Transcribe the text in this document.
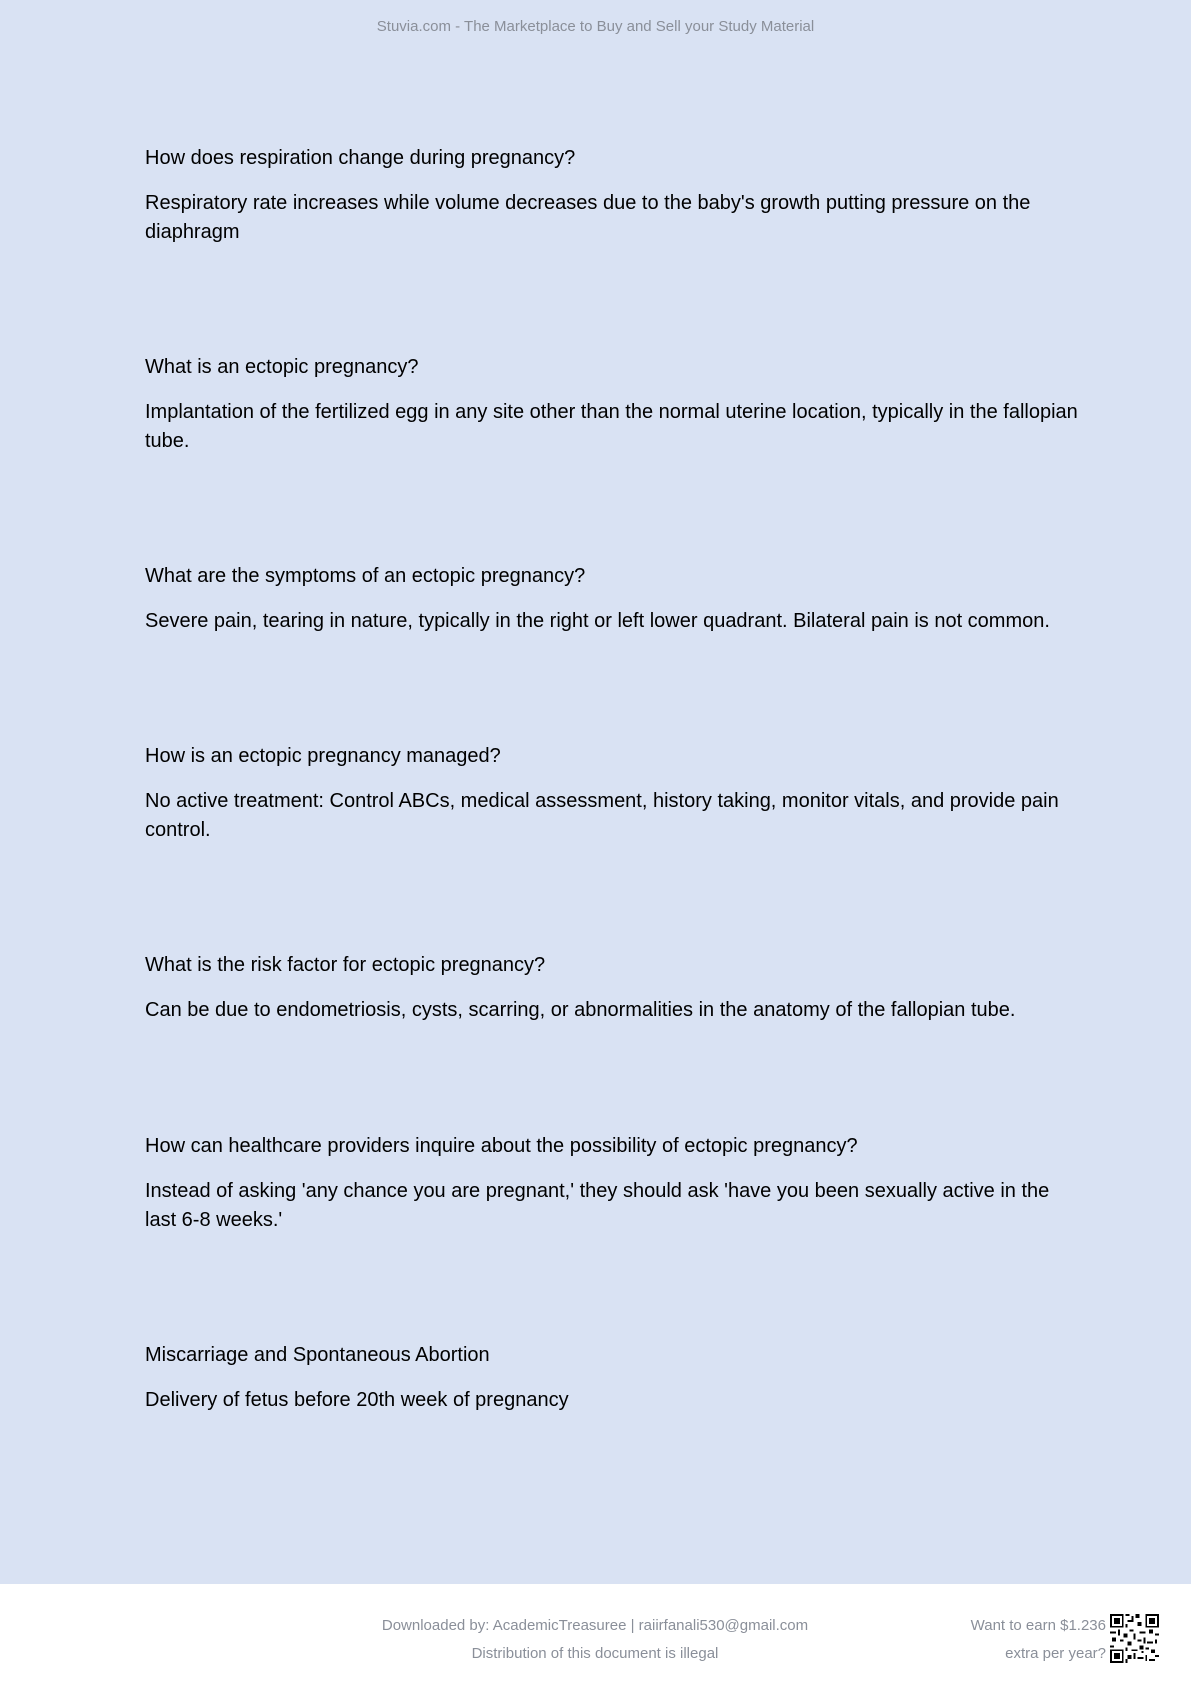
Stuvia.com - The Marketplace to Buy and Sell your Study Material
How does respiration change during pregnancy?

Respiratory rate increases while volume decreases due to the baby's growth putting pressure on the diaphragm

What is an ectopic pregnancy?

Implantation of the fertilized egg in any site other than the normal uterine location, typically in the fallopian tube.

What are the symptoms of an ectopic pregnancy?

Severe pain, tearing in nature, typically in the right or left lower quadrant. Bilateral pain is not common.

How is an ectopic pregnancy managed?

No active treatment: Control ABCs, medical assessment, history taking, monitor vitals, and provide pain control.

What is the risk factor for ectopic pregnancy?

Can be due to endometriosis, cysts, scarring, or abnormalities in the anatomy of the fallopian tube.

How can healthcare providers inquire about the possibility of ectopic pregnancy?

Instead of asking 'any chance you are pregnant,' they should ask 'have you been sexually active in the last 6-8 weeks.'

Miscarriage and Spontaneous Abortion

Delivery of fetus before 20th week of pregnancy

Downloaded by: AcademicTreasuree | raiirfanali530@gmail.com
Distribution of this document is illegal
Want to earn $1.236
extra per year?
